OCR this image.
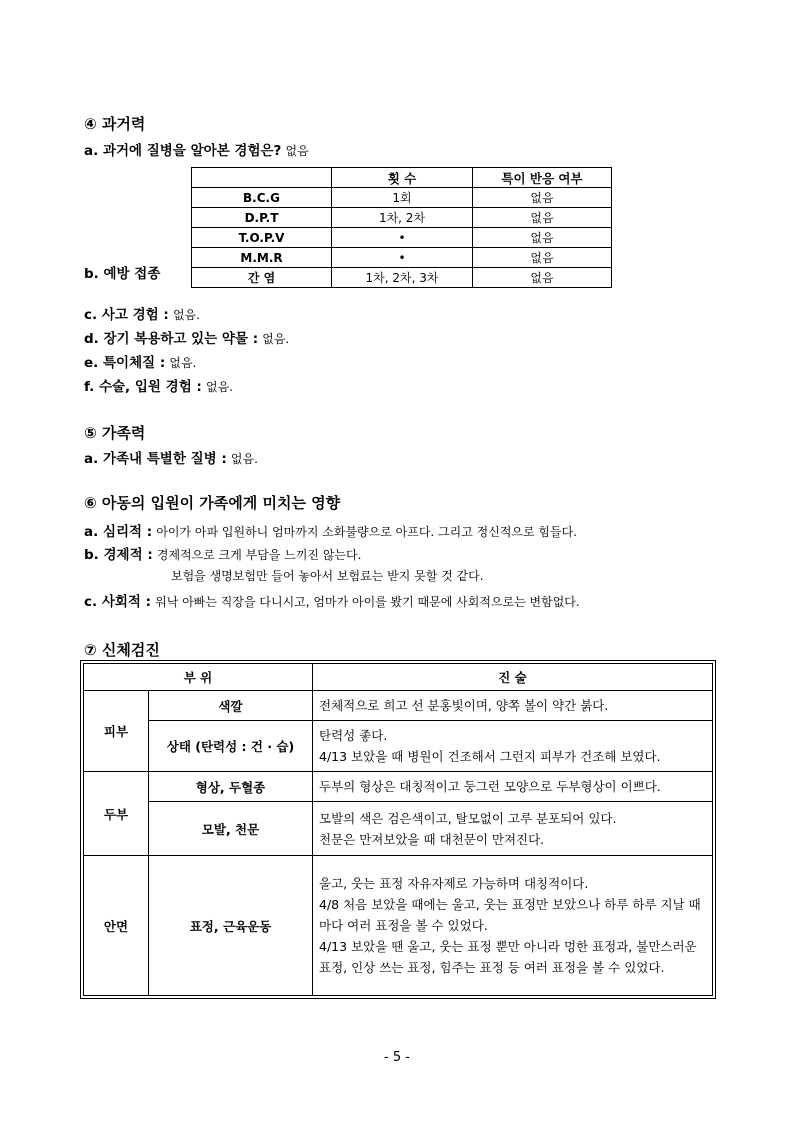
④ 과거력
a. 과거에 질병을 알아본 경험은? 없음
	횟 수	특이 반응 여부
B.C.G	1회	없음
D.P.T	1차, 2차	없음
T.O.P.V	•	없음
M.M.R	•	없음
간 염	1차, 2차, 3차	없음
b. 예방 접종
c. 사고 경험 : 없음.
d. 장기 복용하고 있는 약물 : 없음.
e. 특이체질 : 없음.
f. 수술, 입원 경험 : 없음.
⑤ 가족력
a. 가족내 특별한 질병 : 없음.
⑥ 아동의 입원이 가족에게 미치는 영향
a. 심리적 : 아이가 아파 입원하니 엄마까지 소화불량으로 아프다. 그리고 정신적으로 힘들다.
b. 경제적 : 경제적으로 크게 부담을 느끼진 않는다.
보험을 생명보험만 들어 놓아서 보험료는 받지 못할 것 같다.
c. 사회적 : 워낙 아빠는 직장을 다니시고, 엄마가 아이를 봤기 때문에 사회적으로는 변함없다.
⑦ 신체검진
부 위		진 술
피부	색깔	전체적으로 희고 선 분홍빛이며, 양쪽 볼이 약간 붉다.
	상태 (탄력성 : 건 · 습)	탄력성 좋다.
4/13 보았을 때 병원이 건조해서 그런지 피부가 건조해 보였다.

두부	형상, 두혈종	두부의 형상은 대칭적이고 둥그런 모양으로 두부형상이 이쁘다.
	모발, 천문	모발의 색은 검은색이고, 탈모없이 고루 분포되어 있다.
천문은 만져보았을 때 대천문이 만져진다.

안면	표정, 근육운동	울고, 웃는 표정 자유자제로 가능하며 대칭적이다.
4/8 처음 보았을 때에는 울고, 웃는 표정만 보았으나 하루 하루 지날 때마다 여러 표정을 볼 수 있었다.
4/13 보았을 땐 울고, 웃는 표정 뿐만 아니라 멍한 표정과, 불만스러운 표정, 인상 쓰는 표정, 힘주는 표정 등 여러 표정을 볼 수 있었다.
- 5 -
